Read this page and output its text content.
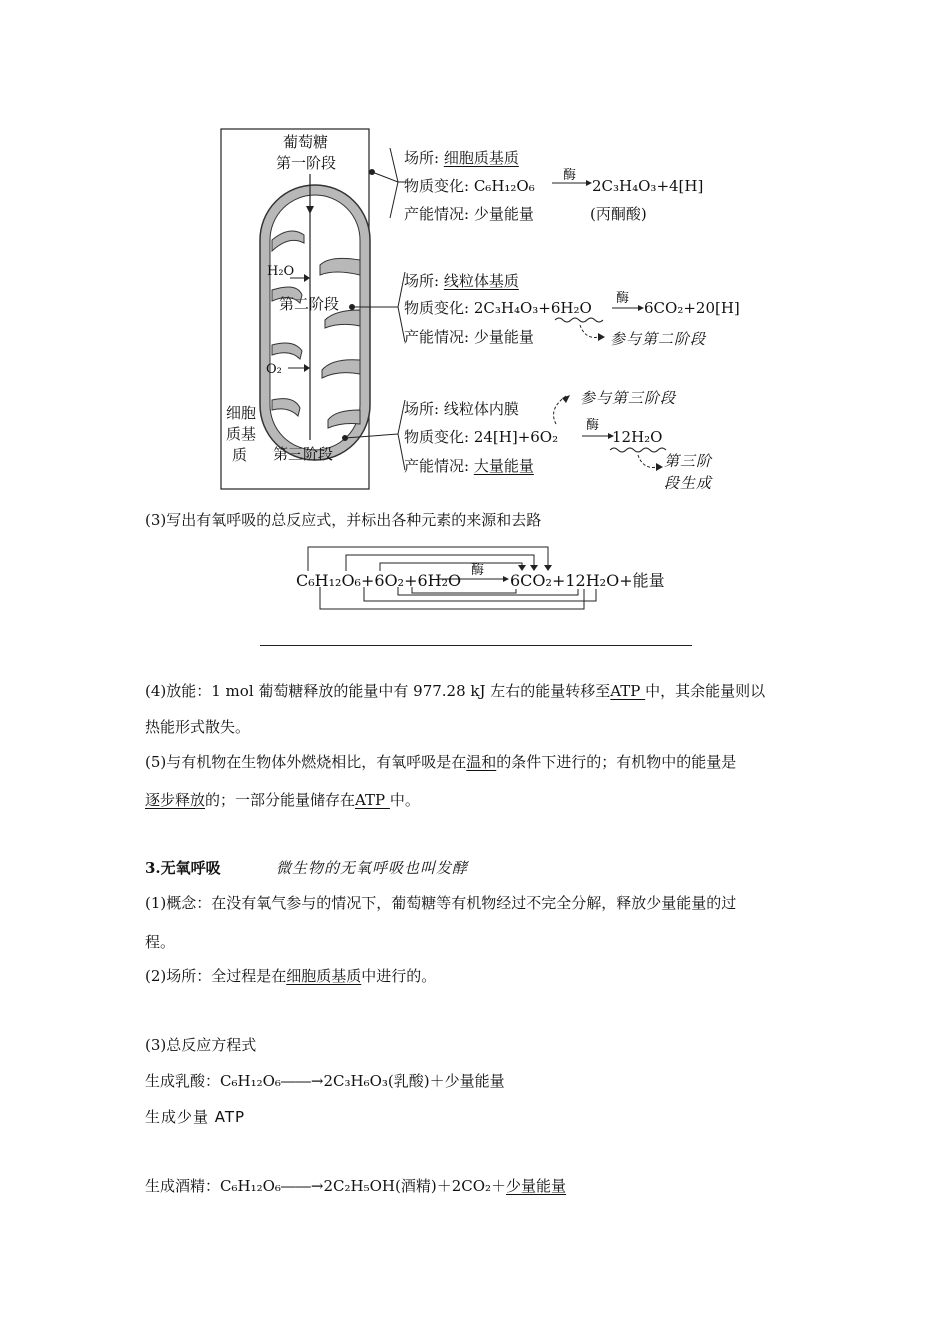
葡萄糖
第一阶段
H₂O
第二阶段
O₂
第三阶段
细胞
质基
质
场所: 细胞质基质
物质变化: C₆H₁₂O₆
酶
2C₃H₄O₃+4[H]
产能情况: 少量能量	(丙酮酸)
场所: 线粒体基质
物质变化: 2C₃H₄O₃+6H₂O
酶
6CO₂+20[H]
产能情况: 少量能量	参与第二阶段
参与第三阶段
场所: 线粒体内膜
物质变化: 24[H]+6O₂
酶
12H₂O
产能情况: 大量能量	第三阶
段生成
(3)写出有氧呼吸的总反应式，并标出各种元素的来源和去路
C₆H₁₂O₆+6O₂+6H₂O
酶
6CO₂+12H₂O+能量
(4)放能：1 mol 葡萄糖释放的能量中有 977.28 kJ 左右的能量转移至ATP 中，其余能量则以
热能形式散失。
(5)与有机物在生物体外燃烧相比，有氧呼吸是在温和的条件下进行的；有机物中的能量是
逐步释放的；一部分能量储存在ATP 中。
3.无氧呼吸	微生物的无氧呼吸也叫发酵
(1)概念：在没有氧气参与的情况下，葡萄糖等有机物经过不完全分解，释放少量能量的过
程。
(2)场所：全过程是在细胞质基质中进行的。
(3)总反应方程式
生成乳酸：C₆H₁₂O₆――→2C₃H₆O₃(乳酸)＋少量能量
生成少量 ATP
生成酒精：C₆H₁₂O₆――→2C₂H₅OH(酒精)＋2CO₂＋少量能量
